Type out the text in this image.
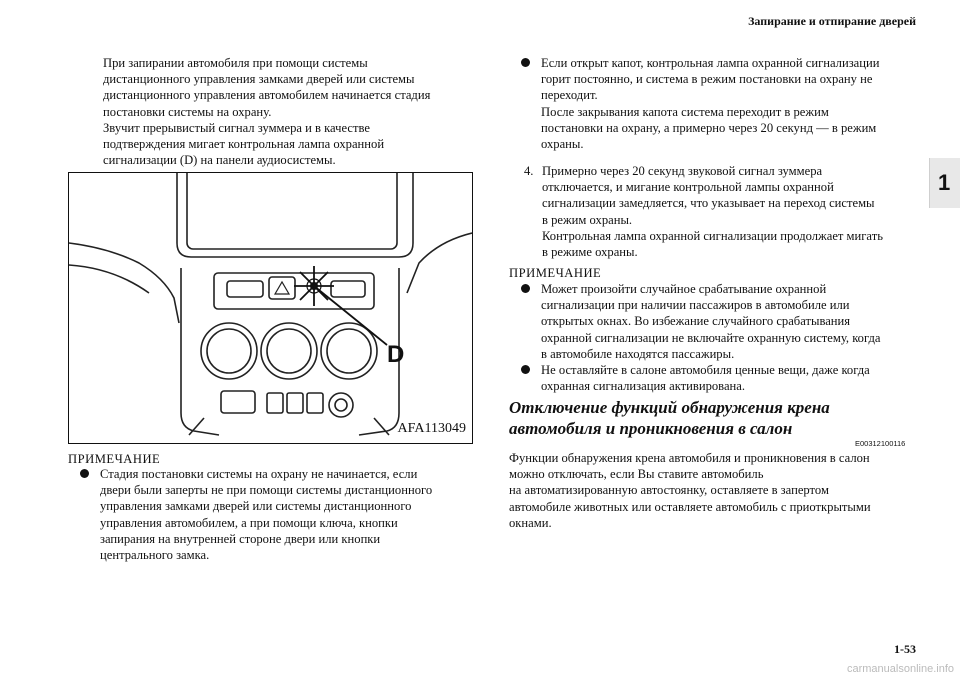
Запирание и отпирание дверей
1
При запирании автомобиля при помощи системы
дистанционного управления замками дверей или системы
дистанционного управления автомобилем начинается стадия
постановки системы на охрану.
Звучит прерывистый сигнал зуммера и в качестве
подтверждения мигает контрольная лампа охранной
сигнализации (D) на панели аудиосистемы.
D
AFA113049
ПРИМЕЧАНИЕ
Стадия постановки системы на охрану не начинается, если
двери были заперты не при помощи системы дистанционного
управления замками дверей или системы дистанционного
управления автомобилем, а при помощи ключа, кнопки
запирания на внутренней стороне двери или кнопки
центрального замка.
Если открыт капот, контрольная лампа охранной сигнализации
горит постоянно, и система в режим постановки на охрану не
переходит.
После закрывания капота система переходит в режим
постановки на охрану, а примерно через 20 секунд — в режим
охраны.
4. Примерно через 20 секунд звуковой сигнал зуммера
отключается, и мигание контрольной лампы охранной
сигнализации замедляется, что указывает на переход системы
в режим охраны.
Контрольная лампа охранной сигнализации продолжает мигать
в режиме охраны.
ПРИМЕЧАНИЕ
Может произойти случайное срабатывание охранной
сигнализации при наличии пассажиров в автомобиле или
открытых окнах. Во избежание случайного срабатывания
охранной сигнализации не включайте охранную систему, когда
в автомобиле находятся пассажиры.
Не оставляйте в салоне автомобиля ценные вещи, даже когда
охранная сигнализация активирована.
Отключение функций обнаружения крена
автомобиля и проникновения в салон
E00312100116
Функции обнаружения крена автомобиля и проникновения в салон
можно отключать, если Вы ставите автомобиль
на автоматизированную автостоянку, оставляете в запертом
автомобиле животных или оставляете автомобиль с приоткрытыми
окнами.
1-53
carmanualsonline.info
